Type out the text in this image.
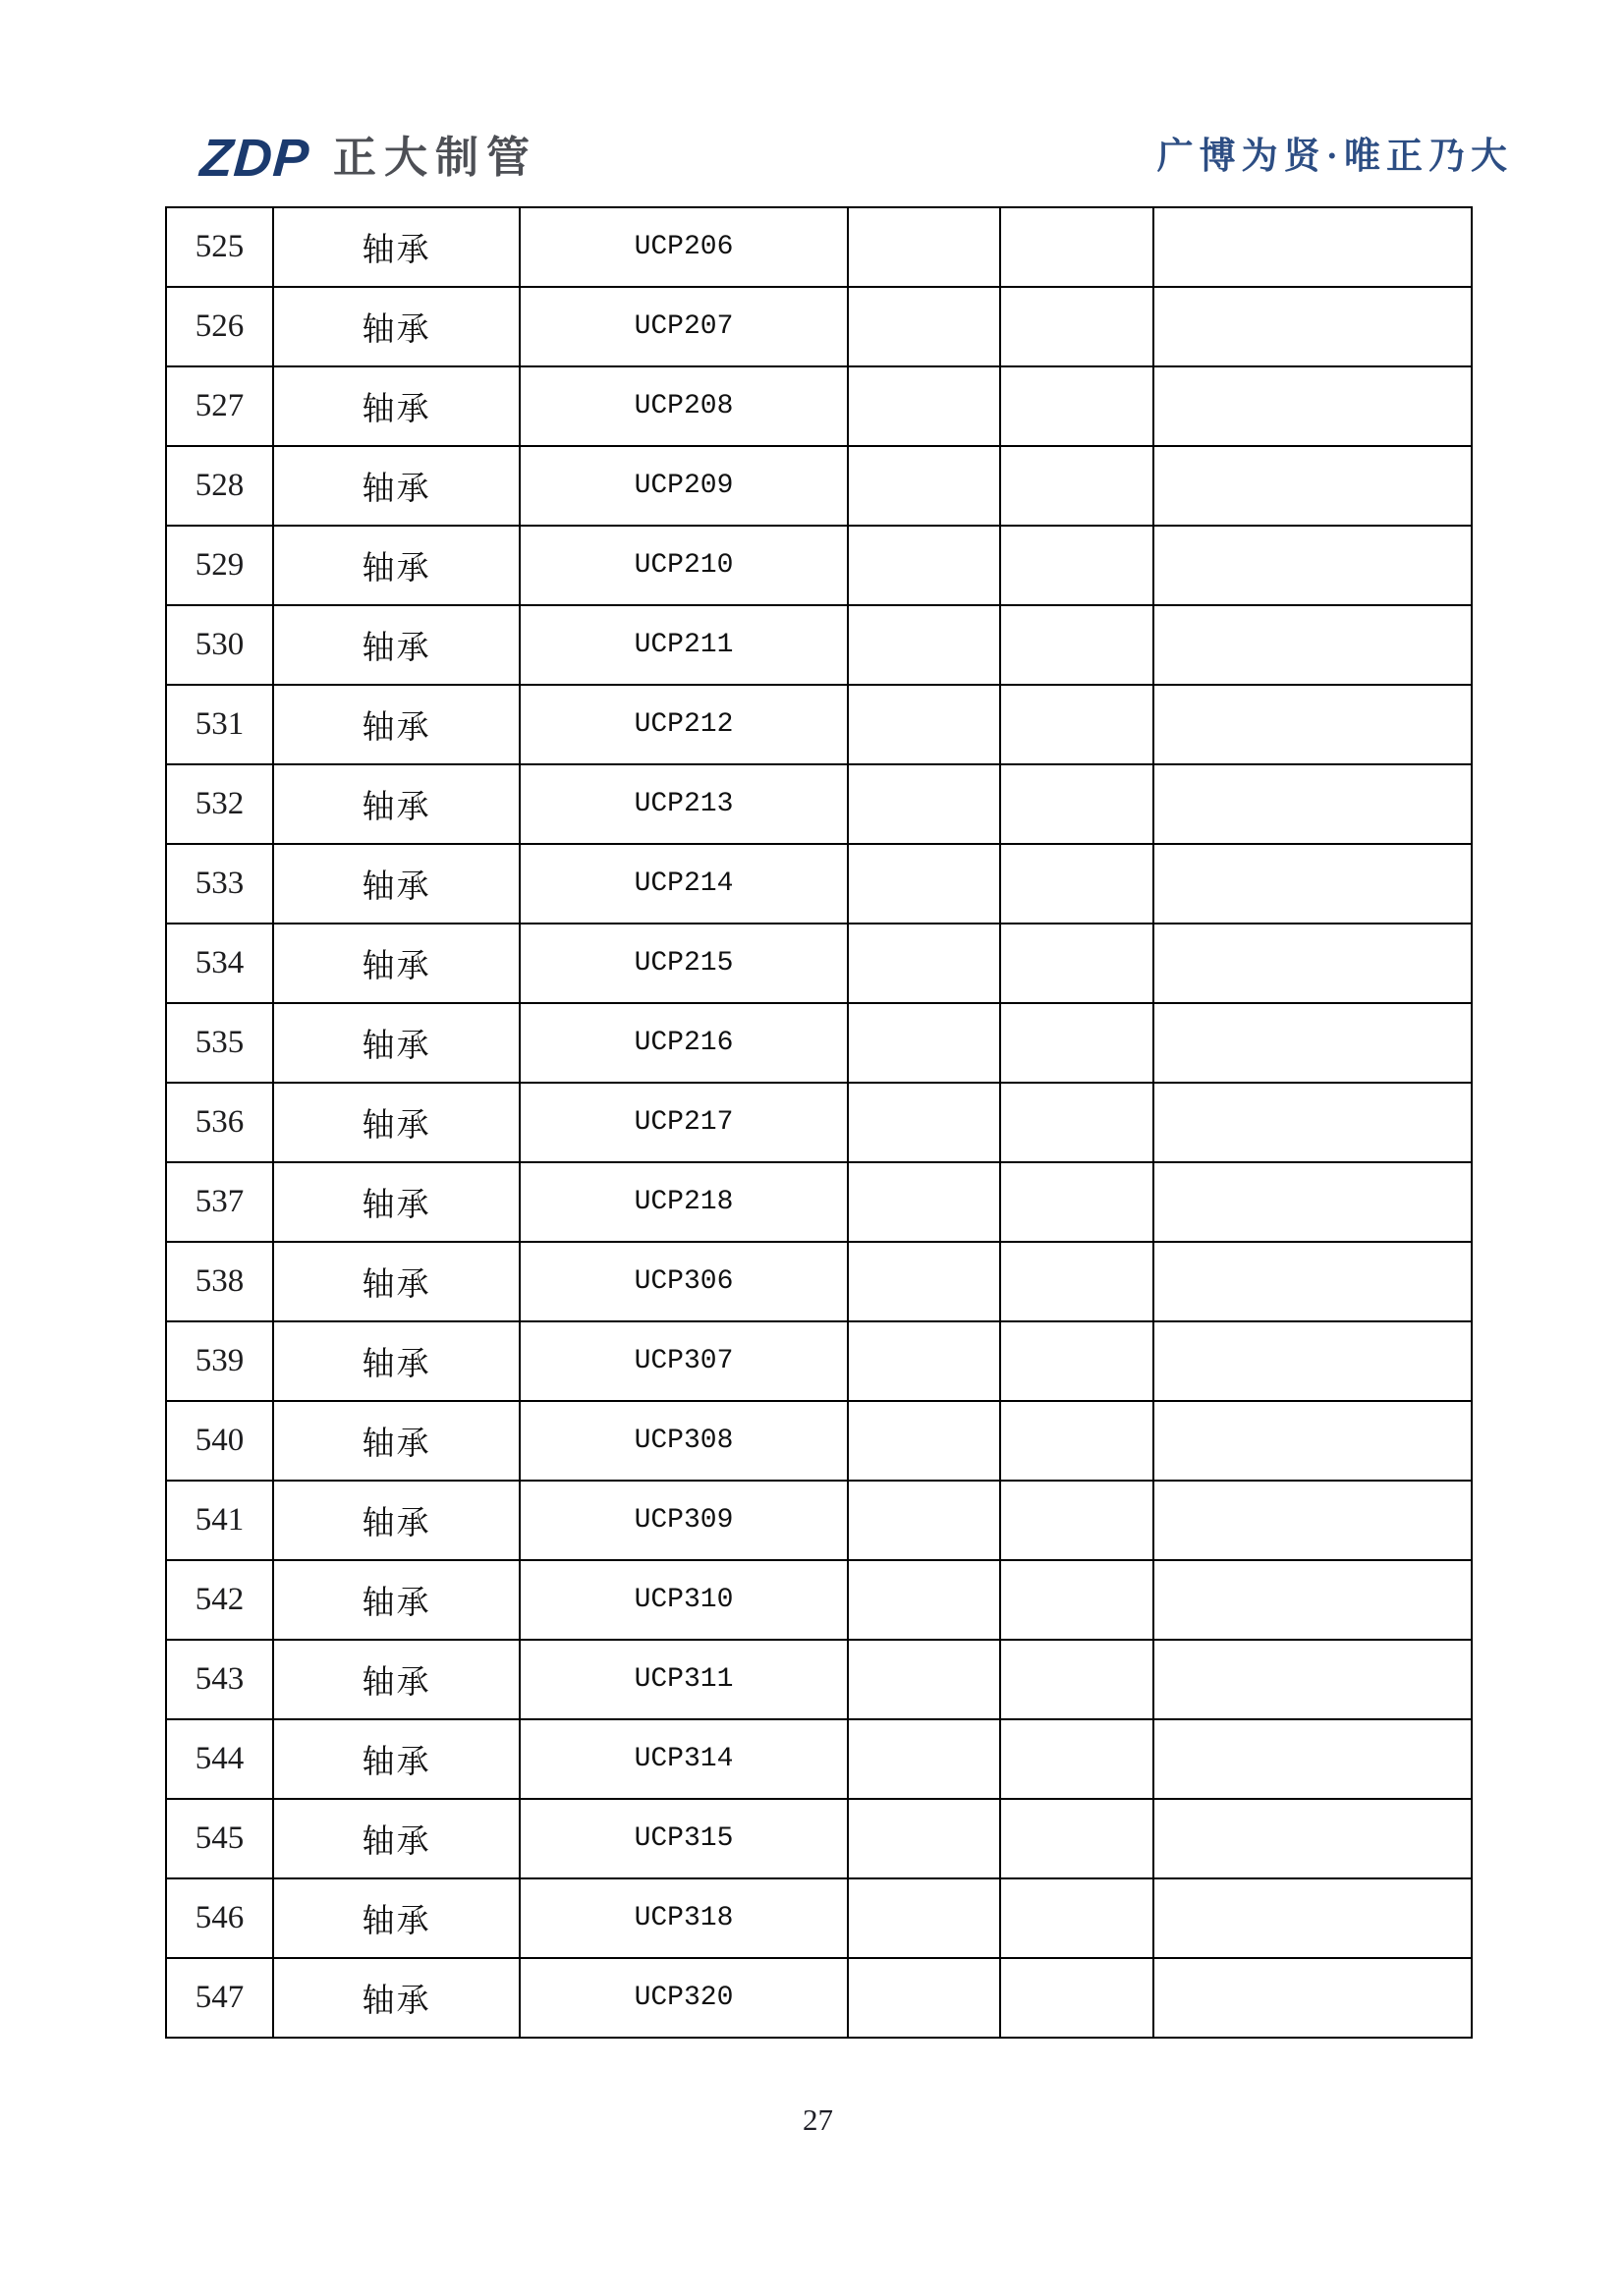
ZDP 正大制管	广博为贤·唯正乃大
525	轴承	UCP206			
526	轴承	UCP207			
527	轴承	UCP208			
528	轴承	UCP209			
529	轴承	UCP210			
530	轴承	UCP211			
531	轴承	UCP212			
532	轴承	UCP213			
533	轴承	UCP214			
534	轴承	UCP215			
535	轴承	UCP216			
536	轴承	UCP217			
537	轴承	UCP218			
538	轴承	UCP306			
539	轴承	UCP307			
540	轴承	UCP308			
541	轴承	UCP309			
542	轴承	UCP310			
543	轴承	UCP311			
544	轴承	UCP314			
545	轴承	UCP315			
546	轴承	UCP318			
547	轴承	UCP320			
27
